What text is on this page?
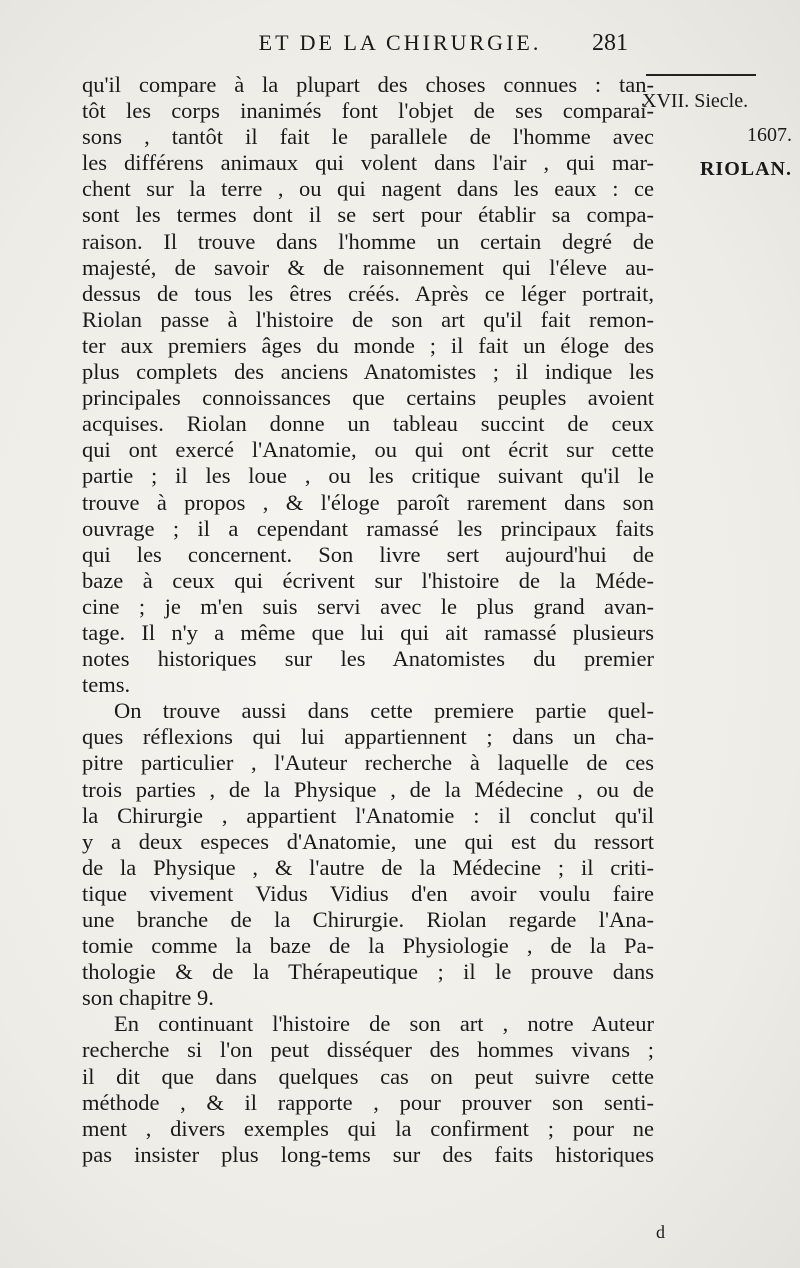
ET DE LA CHIRURGIE.	281
XVII. Siecle.
1607.
RIOLAN.
qu'il compare à la plupart des choses connues : tan-
tôt les corps inanimés font l'objet de ses comparai-
sons , tantôt il fait le parallele de l'homme avec
les différens animaux qui volent dans l'air , qui mar-
chent sur la terre , ou qui nagent dans les eaux : ce
sont les termes dont il se sert pour établir sa compa-
raison. Il trouve dans l'homme un certain degré de
majesté, de savoir & de raisonnement qui l'éleve au-
dessus de tous les êtres créés. Après ce léger portrait,
Riolan passe à l'histoire de son art qu'il fait remon-
ter aux premiers âges du monde ; il fait un éloge des
plus complets des anciens Anatomistes ; il indique les
principales connoissances que certains peuples avoient
acquises. Riolan donne un tableau succint de ceux
qui ont exercé l'Anatomie, ou qui ont écrit sur cette
partie ; il les loue , ou les critique suivant qu'il le
trouve à propos , & l'éloge paroît rarement dans son
ouvrage ; il a cependant ramassé les principaux faits
qui les concernent. Son livre sert aujourd'hui de
baze à ceux qui écrivent sur l'histoire de la Méde-
cine ; je m'en suis servi avec le plus grand avan-
tage. Il n'y a même que lui qui ait ramassé plusieurs
notes historiques sur les Anatomistes du premier
tems.
On trouve aussi dans cette premiere partie quel-
ques réflexions qui lui appartiennent ; dans un cha-
pitre particulier , l'Auteur recherche à laquelle de ces
trois parties , de la Physique , de la Médecine , ou de
la Chirurgie , appartient l'Anatomie : il conclut qu'il
y a deux especes d'Anatomie, une qui est du ressort
de la Physique , & l'autre de la Médecine ; il criti-
tique vivement Vidus Vidius d'en avoir voulu faire
une branche de la Chirurgie. Riolan regarde l'Ana-
tomie comme la baze de la Physiologie , de la Pa-
thologie & de la Thérapeutique ; il le prouve dans
son chapitre 9.
En continuant l'histoire de son art , notre Auteur
recherche si l'on peut disséquer des hommes vivans ;
il dit que dans quelques cas on peut suivre cette
méthode , & il rapporte , pour prouver son senti-
ment , divers exemples qui la confirment ; pour ne
pas insister plus long-tems sur des faits historiques
d
